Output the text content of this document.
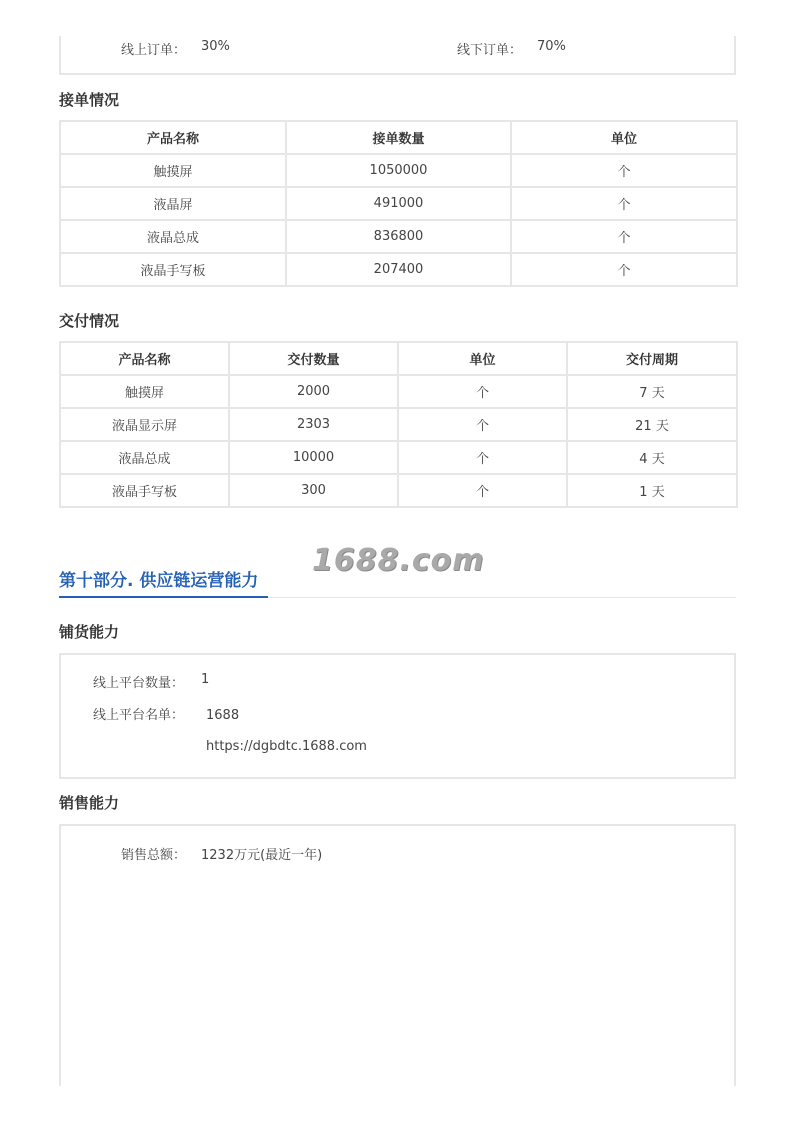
线上订单： 30%	线下订单： 70%
接单情况
产品名称	接单数量	单位
触摸屏	1050000	个
液晶屏	491000	个
液晶总成	836800	个
液晶手写板	207400	个
交付情况
产品名称	交付数量	单位	交付周期
触摸屏	2000	个	7 天
液晶显示屏	2303	个	21 天
液晶总成	10000	个	4 天
液晶手写板	300	个	1 天
1688.com
第十部分. 供应链运营能力
铺货能力
线上平台数量： 1
线上平台名单： 1688
https://dgbdtc.1688.com
销售能力
销售总额： 1232万元(最近一年)
